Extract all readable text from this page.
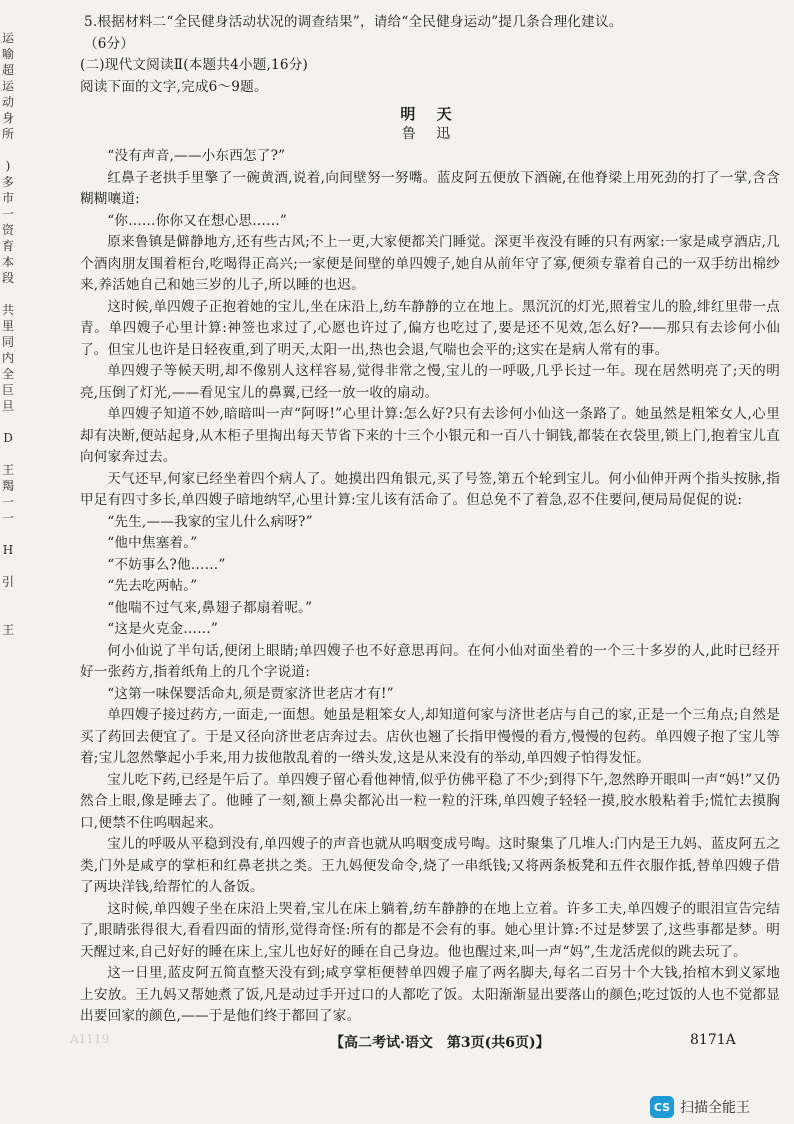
运
喻
超
运
动
身
所
)
多
市
一
资
育
本
段
共
里
同
内
全
巨
旦
D
王
羯
一
一
H
引
王

5.根据材料二“全民健身活动状况的调查结果”，请给“全民健身运动”提几条合理化建议。

（6分）

(二)现代文阅读Ⅱ(本题共4小题,16分)

阅读下面的文字,完成6～9题。

明 天
鲁 迅

“没有声音,——小东西怎了?”

红鼻子老拱手里擎了一碗黄酒,说着,向间壁努一努嘴。蓝皮阿五便放下酒碗,在他脊梁上用死劲的打了一掌,含含糊糊嚷道:

“你……你你又在想心思……”

原来鲁镇是僻静地方,还有些古风;不上一更,大家便都关门睡觉。深更半夜没有睡的只有两家:一家是咸亨酒店,几个酒肉朋友围着柜台,吃喝得正高兴;一家便是间壁的单四嫂子,她自从前年守了寡,便须专靠着自己的一双手纺出棉纱来,养活她自己和她三岁的儿子,所以睡的也迟。

这时候,单四嫂子正抱着她的宝儿,坐在床沿上,纺车静静的立在地上。黑沉沉的灯光,照着宝儿的脸,绯红里带一点青。单四嫂子心里计算:神签也求过了,心愿也许过了,偏方也吃过了,要是还不见效,怎么好?——那只有去诊何小仙了。但宝儿也许是日轻夜重,到了明天,太阳一出,热也会退,气喘也会平的;这实在是病人常有的事。

单四嫂子等候天明,却不像别人这样容易,觉得非常之慢,宝儿的一呼吸,几乎长过一年。现在居然明亮了;天的明亮,压倒了灯光,——看见宝儿的鼻翼,已经一放一收的扇动。

单四嫂子知道不妙,暗暗叫一声“阿呀!”心里计算:怎么好?只有去诊何小仙这一条路了。她虽然是粗笨女人,心里却有决断,便站起身,从木柜子里掏出每天节省下来的十三个小银元和一百八十铜钱,都装在衣袋里,锁上门,抱着宝儿直向何家奔过去。

天气还早,何家已经坐着四个病人了。她摸出四角银元,买了号签,第五个轮到宝儿。何小仙伸开两个指头按脉,指甲足有四寸多长,单四嫂子暗地纳罕,心里计算:宝儿该有活命了。但总免不了着急,忍不住要问,便局局促促的说:

“先生,——我家的宝儿什么病呀?”

“他中焦塞着。”

“不妨事么?他……”

“先去吃两帖。”

“他喘不过气来,鼻翅子都扇着呢。”

“这是火克金……”

何小仙说了半句话,便闭上眼睛;单四嫂子也不好意思再问。在何小仙对面坐着的一个三十多岁的人,此时已经开好一张药方,指着纸角上的几个字说道:

“这第一味保婴活命丸,须是贾家济世老店才有!”

单四嫂子接过药方,一面走,一面想。她虽是粗笨女人,却知道何家与济世老店与自己的家,正是一个三角点;自然是买了药回去便宜了。于是又径向济世老店奔过去。店伙也翘了长指甲慢慢的看方,慢慢的包药。单四嫂子抱了宝儿等着;宝儿忽然擎起小手来,用力拔他散乱着的一绺头发,这是从来没有的举动,单四嫂子怕得发怔。

宝儿吃下药,已经是午后了。单四嫂子留心看他神情,似乎仿佛平稳了不少;到得下午,忽然睁开眼叫一声“妈!”又仍然合上眼,像是睡去了。他睡了一刻,额上鼻尖都沁出一粒一粒的汗珠,单四嫂子轻轻一摸,胶水般粘着手;慌忙去摸胸口,便禁不住呜咽起来。

宝儿的呼吸从平稳到没有,单四嫂子的声音也就从呜咽变成号啕。这时聚集了几堆人:门内是王九妈、蓝皮阿五之类,门外是咸亨的掌柜和红鼻老拱之类。王九妈便发命令,烧了一串纸钱;又将两条板凳和五件衣服作抵,替单四嫂子借了两块洋钱,给帮忙的人备饭。

这时候,单四嫂子坐在床沿上哭着,宝儿在床上躺着,纺车静静的在地上立着。许多工夫,单四嫂子的眼泪宣告完结了,眼睛张得很大,看看四面的情形,觉得奇怪:所有的都是不会有的事。她心里计算:不过是梦罢了,这些事都是梦。明天醒过来,自己好好的睡在床上,宝儿也好好的睡在自己身边。他也醒过来,叫一声“妈”,生龙活虎似的跳去玩了。

这一日里,蓝皮阿五简直整天没有到;咸亨掌柜便替单四嫂子雇了两名脚夫,每名二百另十个大钱,抬棺木到义冢地上安放。王九妈又帮她煮了饭,凡是动过手开过口的人都吃了饭。太阳渐渐显出要落山的颜色;吃过饭的人也不觉都显出要回家的颜色,——于是他们终于都回了家。

A1119	【高二考试·语文　第3页(共6页)】	8171A
CS 扫描全能王
